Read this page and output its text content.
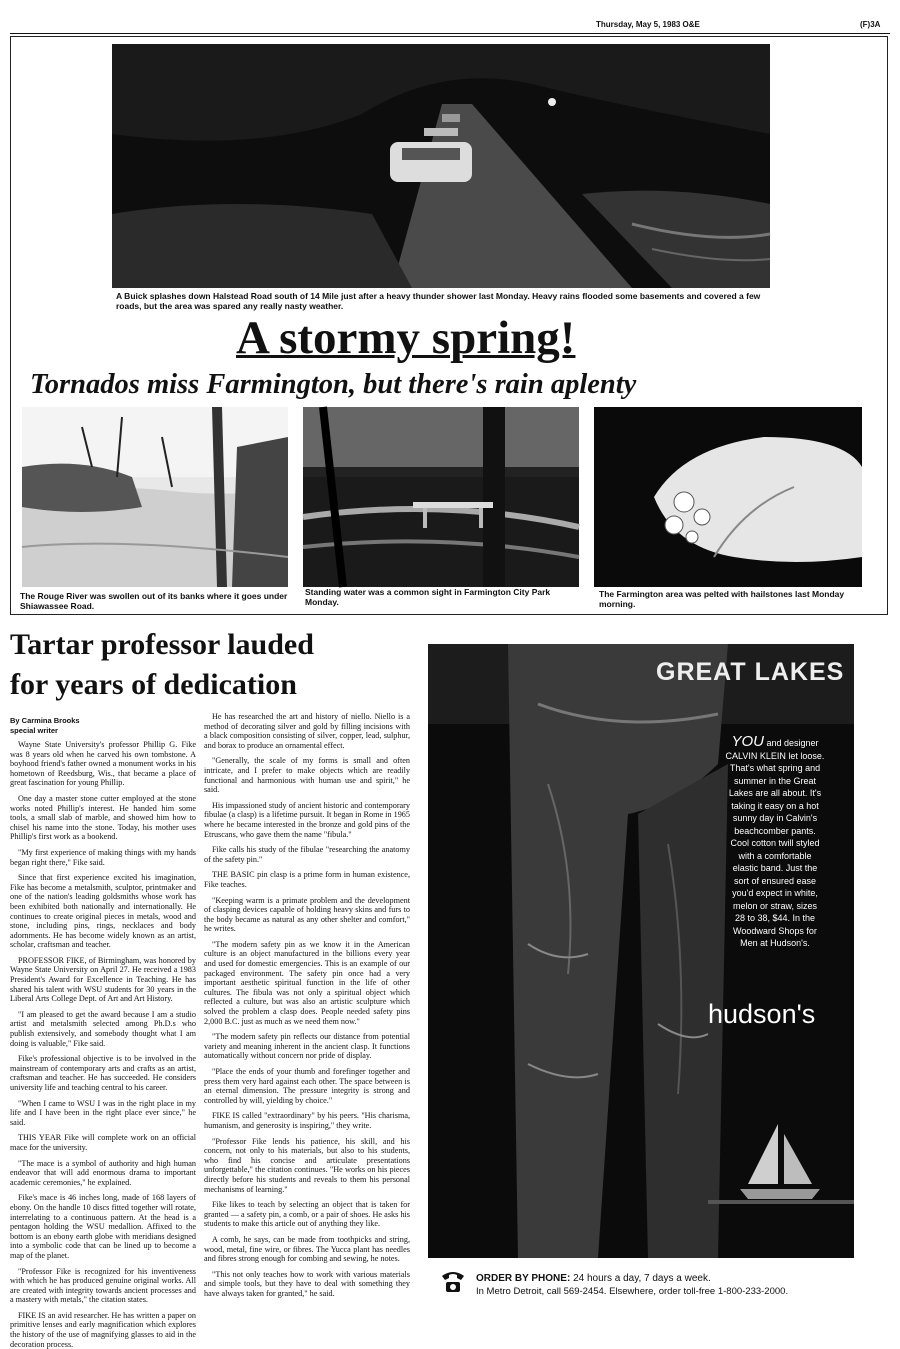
Thursday, May 5, 1983 O&E	(F)3A
A Buick splashes down Halstead Road south of 14 Mile just after a heavy thunder shower last Monday. Heavy rains flooded some basements and covered a few roads, but the area was spared any really nasty weather.
A stormy spring!
Tornados miss Farmington, but there's rain aplenty
The Rouge River was swollen out of its banks where it goes under Shiawassee Road.
Standing water was a common sight in Farmington City Park Monday.
The Farmington area was pelted with hailstones last Monday morning.
Tartar professor lauded
for years of dedication
By Carmina Brooks
special writer

Wayne State University's professor Phillip G. Fike was 8 years old when he carved his own tombstone. A boyhood friend's father owned a monument works in his hometown of Reedsburg, Wis., that became a place of great fascination for young Phillip.

One day a master stone cutter employed at the stone works noted Phillip's interest. He handed him some tools, a small slab of marble, and showed him how to chisel his name into the stone. Today, his mother uses Phillip's first work as a bookend.

"My first experience of making things with my hands began right there," Fike said.

Since that first experience excited his imagination, Fike has become a metalsmith, sculptor, printmaker and one of the nation's leading goldsmiths whose work has been exhibited both nationally and internationally. He continues to create original pieces in metals, wood and stone, including pins, rings, necklaces and body adornments. He has become widely known as an artist, scholar, craftsman and teacher.

PROFESSOR FIKE, of Birmingham, was honored by Wayne State University on April 27. He received a 1983 President's Award for Excellence in Teaching. He has shared his talent with WSU students for 30 years in the Liberal Arts College Dept. of Art and Art History.

"I am pleased to get the award because I am a studio artist and metalsmith selected among Ph.D.s who publish extensively, and somebody thought what I am doing is valuable," Fike said.

Fike's professional objective is to be involved in the mainstream of contemporary arts and crafts as an artist, craftsman and teacher. He has succeeded. He considers university life and teaching central to his career.

"When I came to WSU I was in the right place in my life and I have been in the right place ever since," he said.

THIS YEAR Fike will complete work on an official mace for the university.

"The mace is a symbol of authority and high human endeavor that will add enormous drama to important academic ceremonies," he explained.

Fike's mace is 46 inches long, made of 168 layers of ebony. On the handle 10 discs fitted together will rotate, interrelating to a continuous pattern. At the head is a pentagon holding the WSU medallion. Affixed to the bottom is an ebony earth globe with meridians designed into a symbolic code that can be lined up to become a map of the planet.

"Professor Fike is recognized for his inventiveness with which he has produced genuine original works. All are created with integrity towards ancient processes and a mastery with metals," the citation states.

FIKE IS an avid researcher. He has written a paper on primitive lenses and early magnification which explores the history of the use of magnifying glasses to aid in the decoration process.

He has researched the art and history of niello. Niello is a method of decorating silver and gold by filling incisions with a black composition consisting of silver, copper, lead, sulphur, and borax to produce an ornamental effect.

"Generally, the scale of my forms is small and often intricate, and I prefer to make objects which are readily functional and harmonious with human use and spirit," he said.

His impassioned study of ancient historic and contemporary fibulae (a clasp) is a lifetime pursuit. It began in Rome in 1965 where he became interested in the bronze and gold pins of the Etruscans, who gave them the name "fibula."

Fike calls his study of the fibulae "researching the anatomy of the safety pin."

THE BASIC pin clasp is a prime form in human existence, Fike teaches.

"Keeping warm is a primate problem and the development of clasping devices capable of holding heavy skins and furs to the body became as natural as any other shelter and comfort," he writes.

"The modern safety pin as we know it in the American culture is an object manufactured in the billions every year and used for domestic emergencies. This is an example of our packaged environment. The safety pin once had a very important aesthetic spiritual function in the life of other cultures. The fibula was not only a spiritual object which reflected a culture, but was also an artistic sculpture which solved the problem a clasp does. People needed safety pins 2,000 B.C. just as much as we need them now."

"The modern safety pin reflects our distance from potential variety and meaning inherent in the ancient clasp. It functions automatically without concern nor pride of display.

"Place the ends of your thumb and forefinger together and press them very hard against each other. The space between is an eternal dimension. The pressure integrity is strong and controlled by will, yielding by choice."

FIKE IS called "extraordinary" by his peers. "His charisma, humanism, and generosity is inspiring," they write.

"Professor Fike lends his patience, his skill, and his concern, not only to his materials, but also to his students, who find his concise and articulate presentations unforgettable," the citation continues. "He works on his pieces directly before his students and reveals to them his personal mechanisms of learning."

Fike likes to teach by selecting an object that is taken for granted — a safety pin, a comb, or a pair of shoes. He asks his students to make this article out of anything they like.

A comb, he says, can be made from toothpicks and string, wood, metal, fine wire, or fibres. The Yucca plant has needles and fibres strong enough for combing and sewing, he notes.

"This not only teaches how to work with various materials and simple tools, but they have to deal with something they have always taken for granted," he said.

GREAT LAKES
YOU and designer
CALVIN KLEIN let loose.
That's what spring and
summer in the Great
Lakes are all about. It's
taking it easy on a hot
sunny day in Calvin's
beachcomber pants.
Cool cotton twill styled
with a comfortable
elastic band. Just the
sort of ensured ease
you'd expect in white,
melon or straw, sizes
28 to 38, $44. In the
Woodward Shops for
Men at Hudson's.
hudson's
ORDER BY PHONE: 24 hours a day, 7 days a week.
In Metro Detroit, call 569-2454. Elsewhere, order toll-free 1-800-233-2000.
